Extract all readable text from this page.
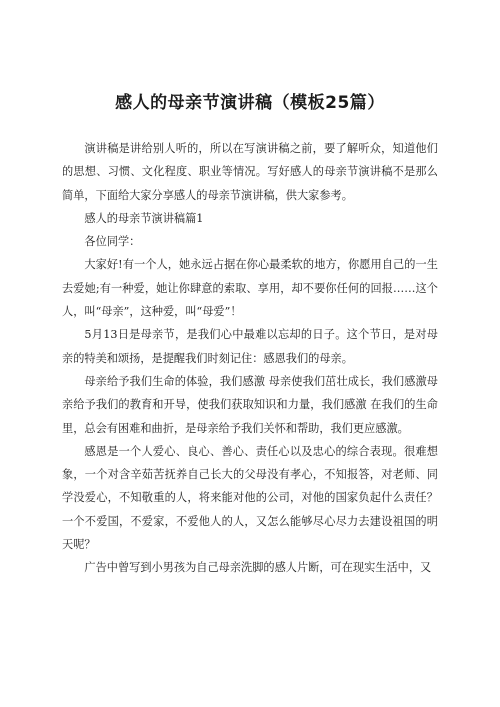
感人的母亲节演讲稿（模板25篇）

演讲稿是讲给别人听的，所以在写演讲稿之前，要了解听众，知道他们的思想、习惯、文化程度、职业等情况。写好感人的母亲节演讲稿不是那么简单，下面给大家分享感人的母亲节演讲稿，供大家参考。

感人的母亲节演讲稿篇1

各位同学：

大家好!有一个人，她永远占据在你心最柔软的地方，你愿用自己的一生去爱她;有一种爱，她让你肆意的索取、享用，却不要你任何的回报……这个人，叫“母亲”，这种爱，叫“母爱”！

5月13日是母亲节，是我们心中最难以忘却的日子。这个节日，是对母亲的特美和颂扬，是提醒我们时刻记住：感恩我们的母亲。

母亲给予我们生命的体验，我们感激 母亲使我们茁壮成长，我们感激母亲给予我们的教育和开导，使我们获取知识和力量，我们感激 在我们的生命里，总会有困难和曲折，是母亲给予我们关怀和帮助，我们更应感激。

感恩是一个人爱心、良心、善心、责任心以及忠心的综合表现。很难想象，一个对含辛茹苦抚养自己长大的父母没有孝心，不知报答，对老师、同学没爱心，不知敬重的人，将来能对他的公司，对他的国家负起什么责任？一个不爱国，不爱家，不爱他人的人，又怎么能够尽心尽力去建设祖国的明天呢？

广告中曾写到小男孩为自己母亲洗脚的感人片断，可在现实生活中，又
